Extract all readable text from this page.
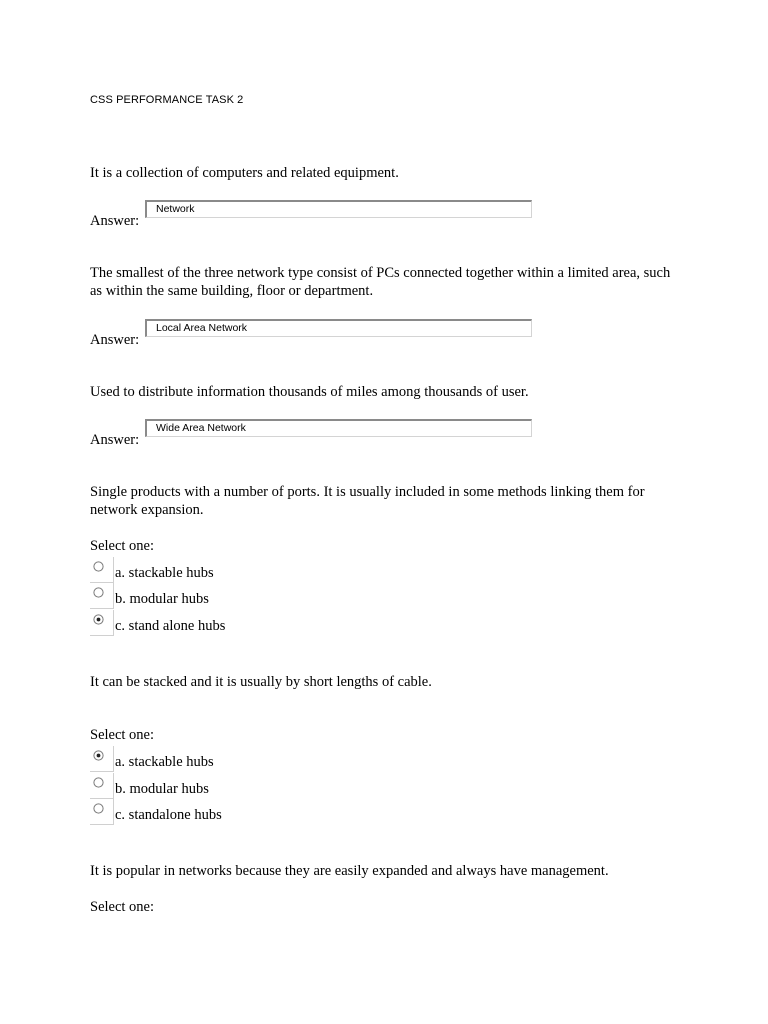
CSS PERFORMANCE TASK 2
It is a collection of computers and related equipment.
Answer:
Network
The smallest of the three network type consist of PCs connected together within a limited area, such as within the same building, floor or department.
Answer:
Local Area Network
Used to distribute information thousands of miles among thousands of user.
Answer:
Wide Area Network
Single products with a number of ports. It is usually included in some methods linking them for network expansion.
Select one:
a. stackable hubs
b. modular hubs
c. stand alone hubs
It can be stacked and it is usually by short lengths of cable.
Select one:
a. stackable hubs
b. modular hubs
c. standalone hubs
It is popular in networks because they are easily expanded and always have management.
Select one:
